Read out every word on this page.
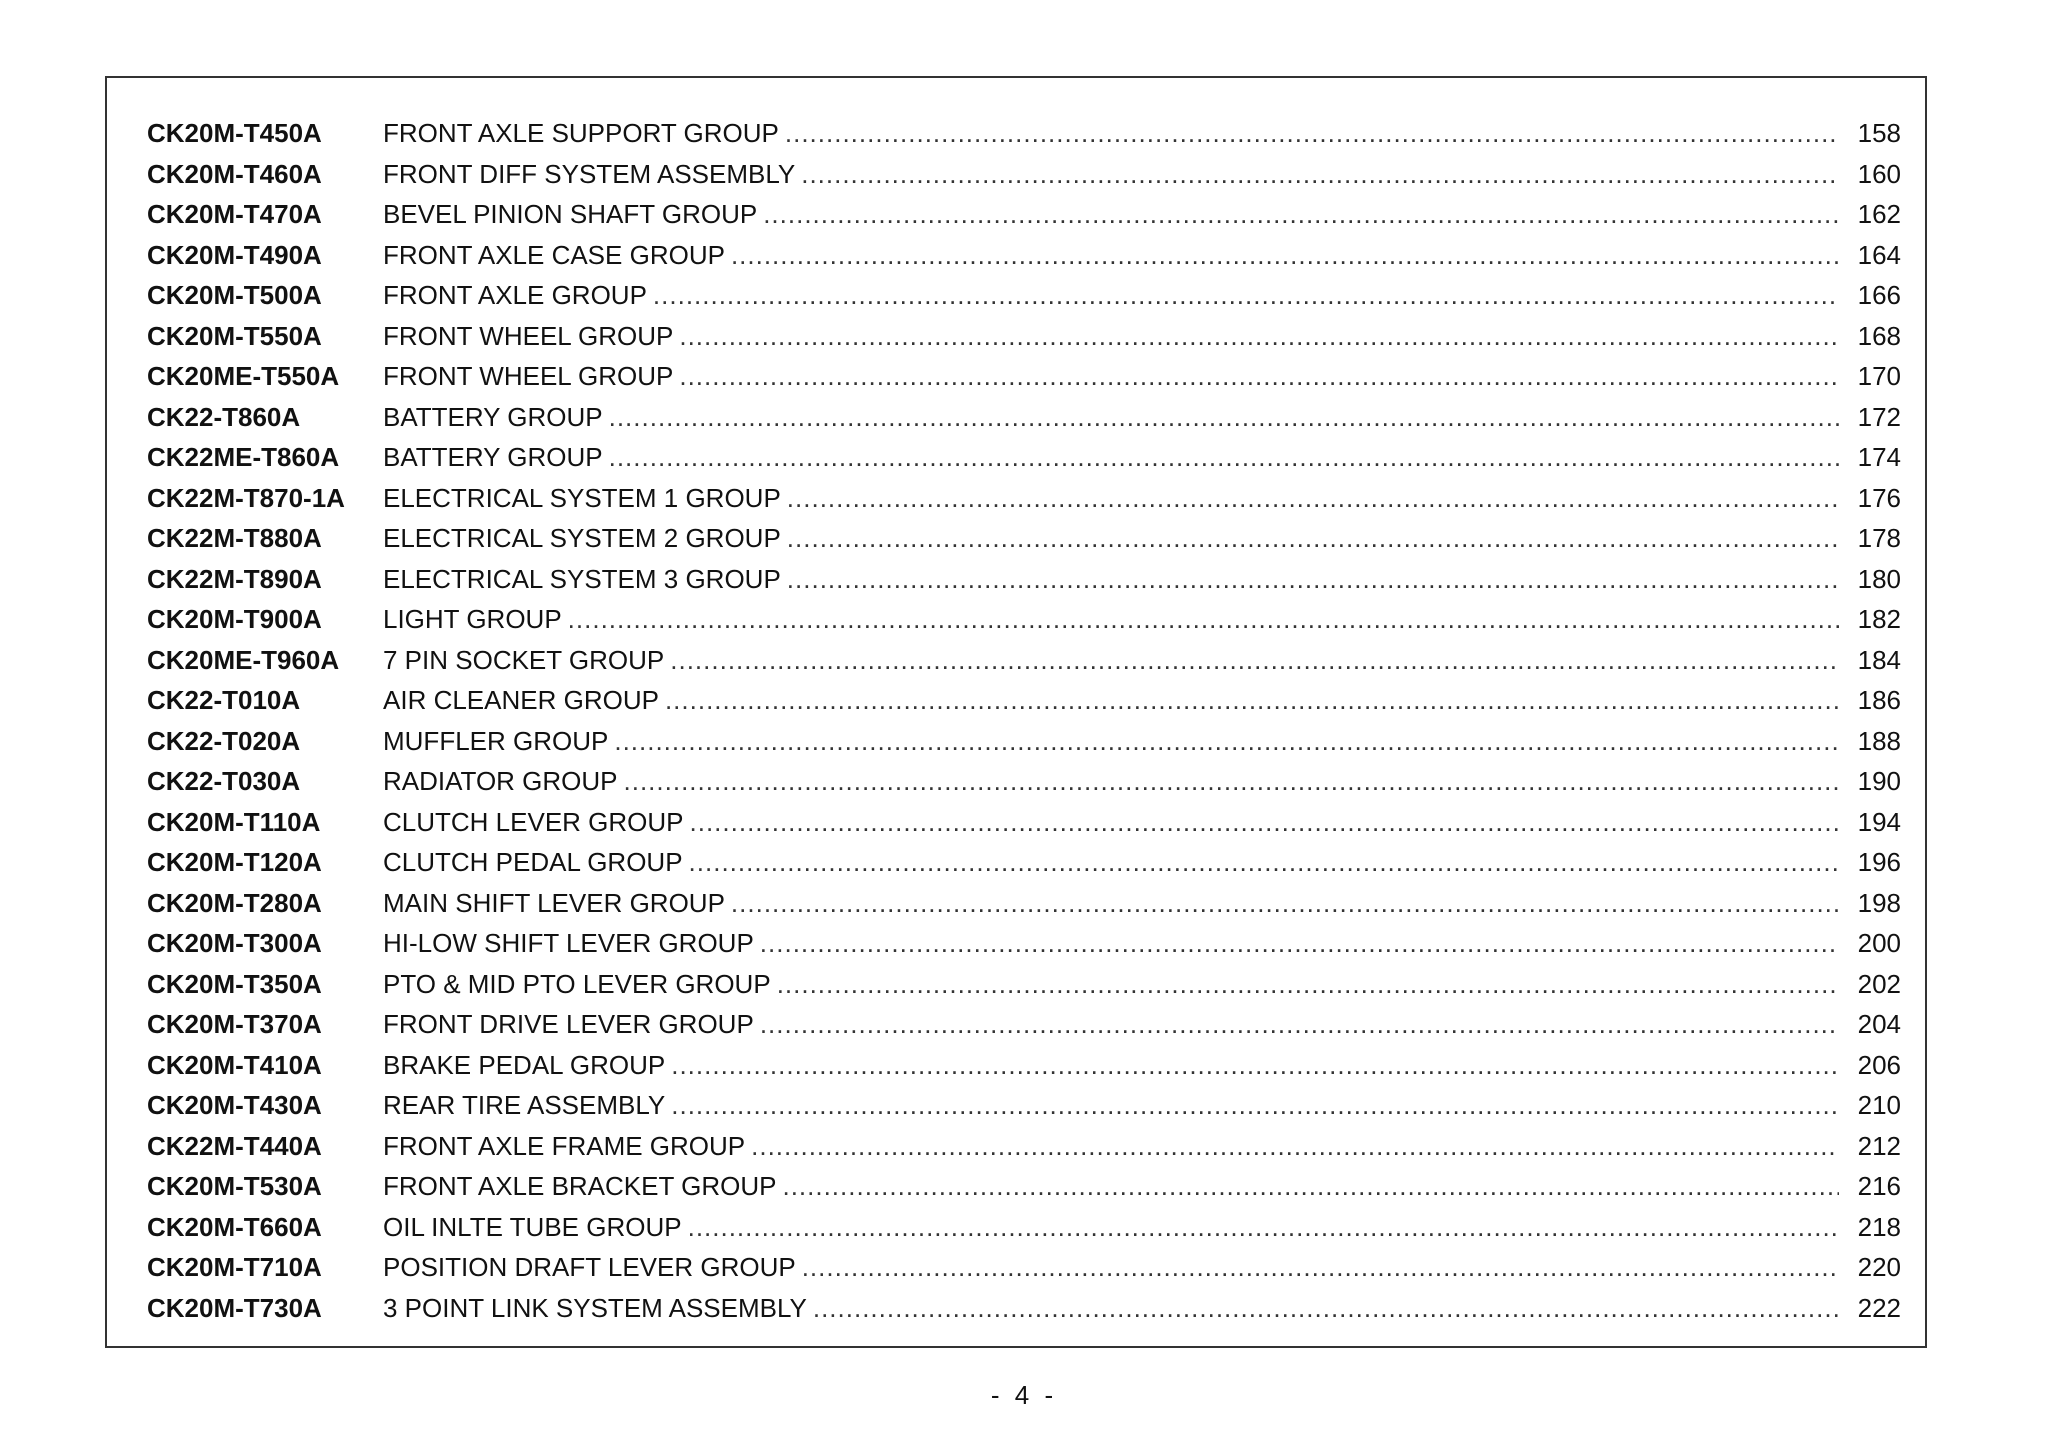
CK20M-T450A	FRONT AXLE SUPPORT GROUP .....	158
CK20M-T460A	FRONT DIFF SYSTEM ASSEMBLY .....	160
CK20M-T470A	BEVEL PINION SHAFT GROUP .....	162
CK20M-T490A	FRONT AXLE CASE GROUP .....	164
CK20M-T500A	FRONT AXLE GROUP .....	166
CK20M-T550A	FRONT WHEEL GROUP .....	168
CK20ME-T550A	FRONT WHEEL GROUP .....	170
CK22-T860A	BATTERY GROUP .....	172
CK22ME-T860A	BATTERY GROUP .....	174
CK22M-T870-1A	ELECTRICAL SYSTEM 1 GROUP .....	176
CK22M-T880A	ELECTRICAL SYSTEM 2 GROUP .....	178
CK22M-T890A	ELECTRICAL SYSTEM 3 GROUP .....	180
CK20M-T900A	LIGHT GROUP .....	182
CK20ME-T960A	7 PIN SOCKET GROUP .....	184
CK22-T010A	AIR CLEANER GROUP .....	186
CK22-T020A	MUFFLER GROUP .....	188
CK22-T030A	RADIATOR GROUP .....	190
CK20M-T110A	CLUTCH LEVER GROUP .....	194
CK20M-T120A	CLUTCH PEDAL GROUP .....	196
CK20M-T280A	MAIN SHIFT LEVER GROUP .....	198
CK20M-T300A	HI-LOW SHIFT LEVER GROUP .....	200
CK20M-T350A	PTO & MID PTO LEVER GROUP .....	202
CK20M-T370A	FRONT DRIVE LEVER GROUP .....	204
CK20M-T410A	BRAKE PEDAL GROUP .....	206
CK20M-T430A	REAR TIRE ASSEMBLY .....	210
CK22M-T440A	FRONT AXLE FRAME GROUP .....	212
CK20M-T530A	FRONT AXLE BRACKET GROUP .....	216
CK20M-T660A	OIL INLTE TUBE GROUP .....	218
CK20M-T710A	POSITION DRAFT LEVER GROUP .....	220
CK20M-T730A	3 POINT LINK SYSTEM ASSEMBLY .....	222
- 4 -
